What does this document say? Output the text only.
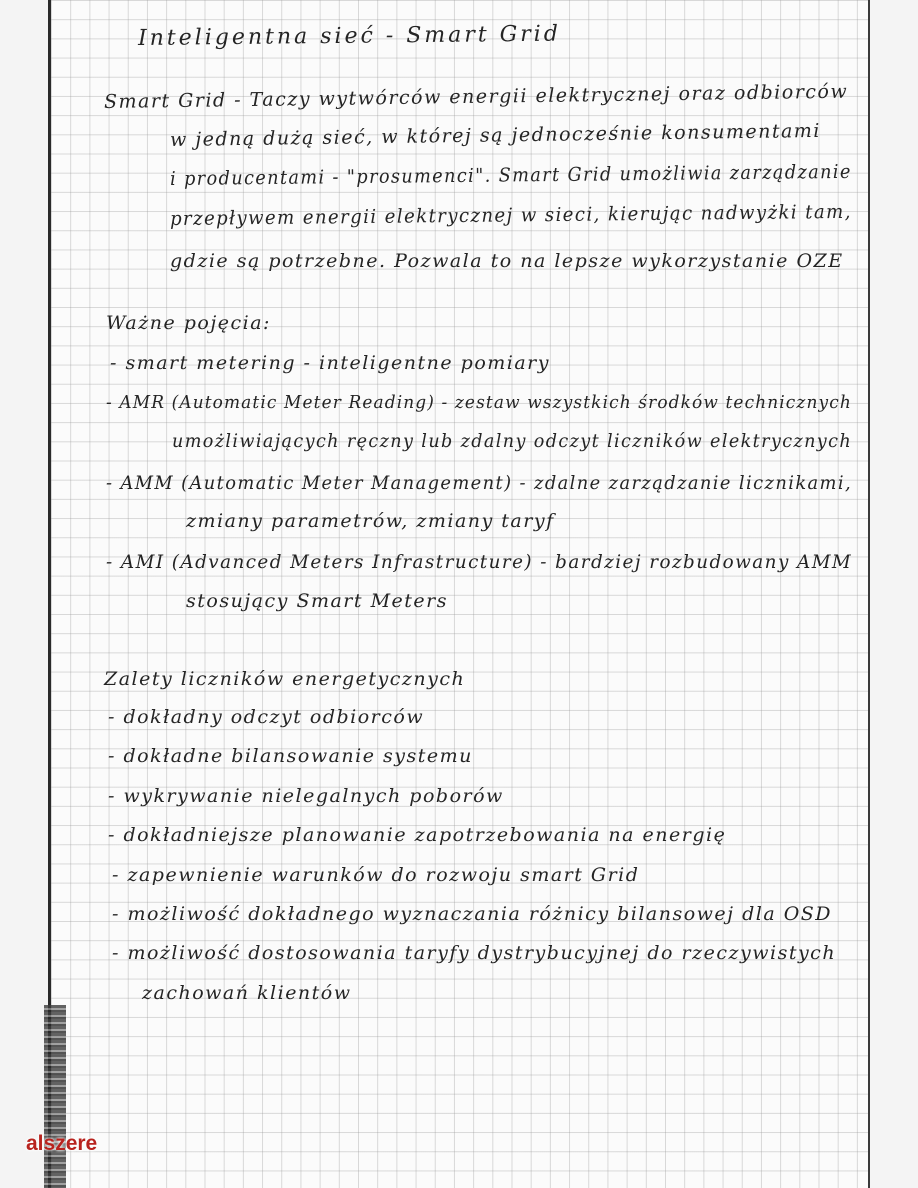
Inteligentna sieć - Smart Grid
Smart Grid - Taczy wytwórców energii elektrycznej oraz odbiorców
w jedną dużą sieć, w której są jednocześnie konsumentami
i producentami - "prosumenci". Smart Grid umożliwia zarządzanie
przepływem energii elektrycznej w sieci, kierując nadwyżki tam,
gdzie są potrzebne. Pozwala to na lepsze wykorzystanie OZE
Ważne pojęcia:
- smart metering - inteligentne pomiary
- AMR (Automatic Meter Reading) - zestaw wszystkich środków technicznych
umożliwiających ręczny lub zdalny odczyt liczników elektrycznych
- AMM (Automatic Meter Management) - zdalne zarządzanie licznikami,
zmiany parametrów, zmiany taryf
- AMI (Advanced Meters Infrastructure) - bardziej rozbudowany AMM
stosujący Smart Meters
Zalety liczników energetycznych
- dokładny odczyt odbiorców
- dokładne bilansowanie systemu
- wykrywanie nielegalnych poborów
- dokładniejsze planowanie zapotrzebowania na energię
- zapewnienie warunków do rozwoju smart Grid
- możliwość dokładnego wyznaczania różnicy bilansowej dla OSD
- możliwość dostosowania taryfy dystrybucyjnej do rzeczywistych
zachowań klientów
alszere
